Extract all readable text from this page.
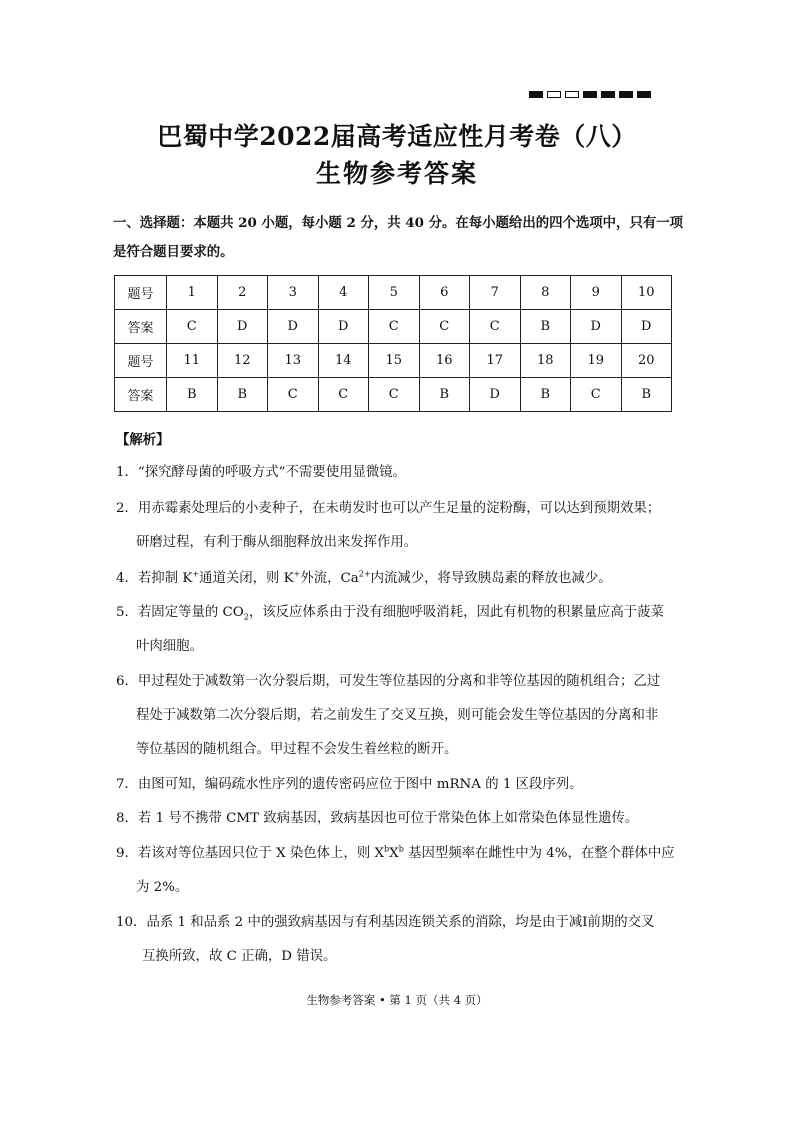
巴蜀中学2022届高考适应性月考卷（八）
生物参考答案
一、选择题：本题共 20 小题，每小题 2 分，共 40 分。在每小题给出的四个选项中，只有一项是符合题目要求的。
题号	1	2	3	4	5	6	7	8	9	10
答案	C	D	D	D	C	C	C	B	D	D
题号	11	12	13	14	15	16	17	18	19	20
答案	B	B	C	C	C	B	D	B	C	B
【解析】
1．“探究酵母菌的呼吸方式”不需要使用显微镜。
2．用赤霉素处理后的小麦种子，在未萌发时也可以产生足量的淀粉酶，可以达到预期效果；
研磨过程，有利于酶从细胞释放出来发挥作用。
4．若抑制 K+通道关闭，则 K+外流，$Ca^{2+}$内流减少，将导致胰岛素的释放也减少。
5．若固定等量的 $CO_2$，该反应体系由于没有细胞呼吸消耗，因此有机物的积累量应高于菠菜
叶肉细胞。
6．甲过程处于减数第一次分裂后期，可发生等位基因的分离和非等位基因的随机组合；乙过
程处于减数第二次分裂后期，若之前发生了交叉互换，则可能会发生等位基因的分离和非
等位基因的随机组合。甲过程不会发生着丝粒的断开。
7．由图可知，编码疏水性序列的遗传密码应位于图中 mRNA 的 1 区段序列。
8．若 1 号不携带 CMT 致病基因，致病基因也可位于常染色体上如常染色体显性遗传。
9．若该对等位基因只位于 X 染色体上，则 $X^bX^b$ 基因型频率在雌性中为 4%，在整个群体中应
为 2%。
10．品系 1 和品系 2 中的强致病基因与有利基因连锁关系的消除，均是由于减Ⅰ前期的交叉
互换所致，故 C 正确，D 错误。
生物参考答案 • 第 1 页（共 4 页）
